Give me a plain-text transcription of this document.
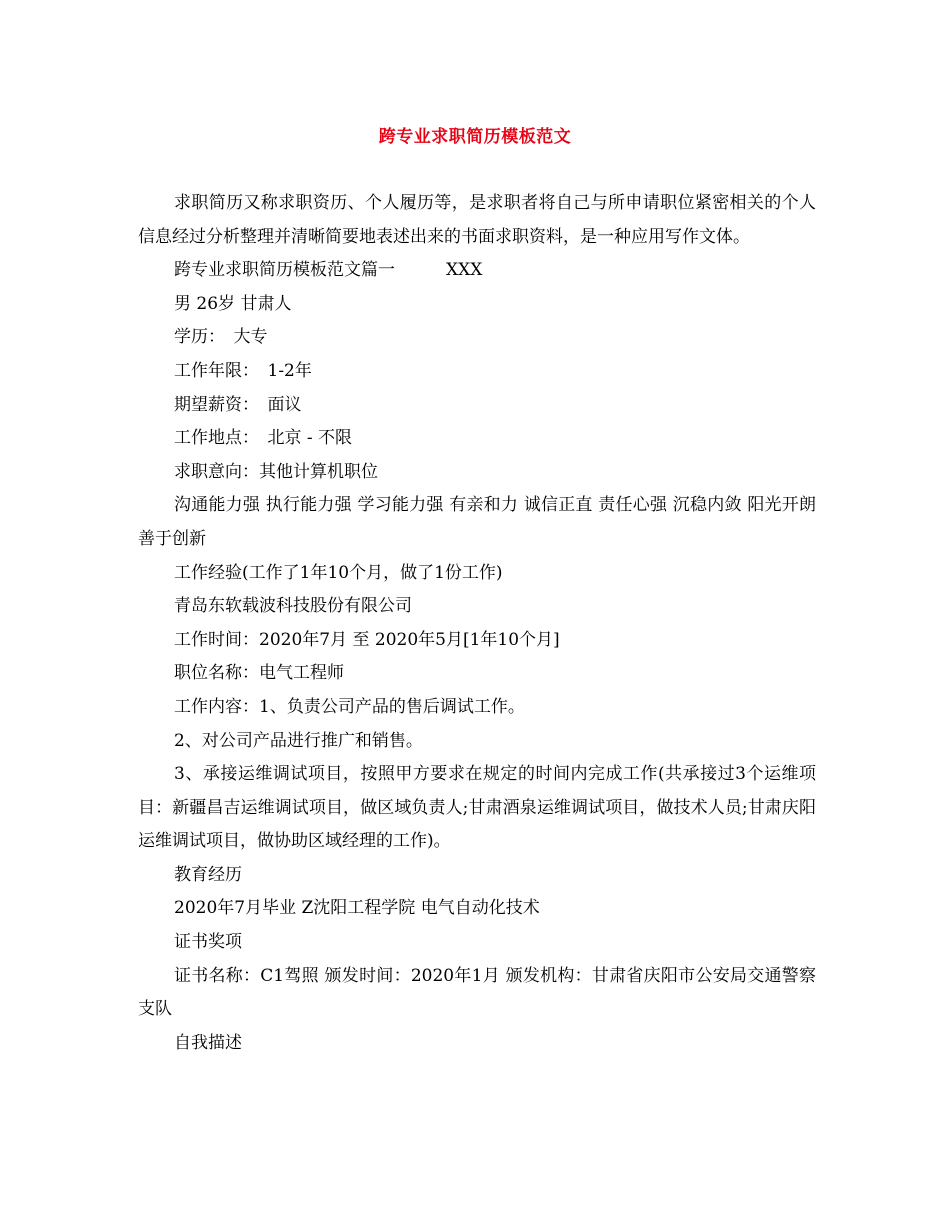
跨专业求职简历模板范文

求职简历又称求职资历、个人履历等，是求职者将自己与所申请职位紧密相关的个人信息经过分析整理并清晰简要地表述出来的书面求职资料，是一种应用写作文体。

跨专业求职简历模板范文篇一　　　XXX

男 26岁 甘肃人

学历：　大专

工作年限：　1-2年

期望薪资：　面议

工作地点：　北京 - 不限

求职意向：其他计算机职位

沟通能力强 执行能力强 学习能力强 有亲和力 诚信正直 责任心强 沉稳内敛 阳光开朗 善于创新

工作经验(工作了1年10个月，做了1份工作)

青岛东软载波科技股份有限公司

工作时间：2020年7月 至 2020年5月[1年10个月]

职位名称：电气工程师

工作内容：1、负责公司产品的售后调试工作。

2、对公司产品进行推广和销售。

3、承接运维调试项目，按照甲方要求在规定的时间内完成工作(共承接过3个运维项目：新疆昌吉运维调试项目，做区域负责人;甘肃酒泉运维调试项目，做技术人员;甘肃庆阳运维调试项目，做协助区域经理的工作)。

教育经历

2020年7月毕业 Z沈阳工程学院 电气自动化技术

证书奖项

证书名称：C1驾照 颁发时间：2020年1月 颁发机构：甘肃省庆阳市公安局交通警察支队

自我描述
